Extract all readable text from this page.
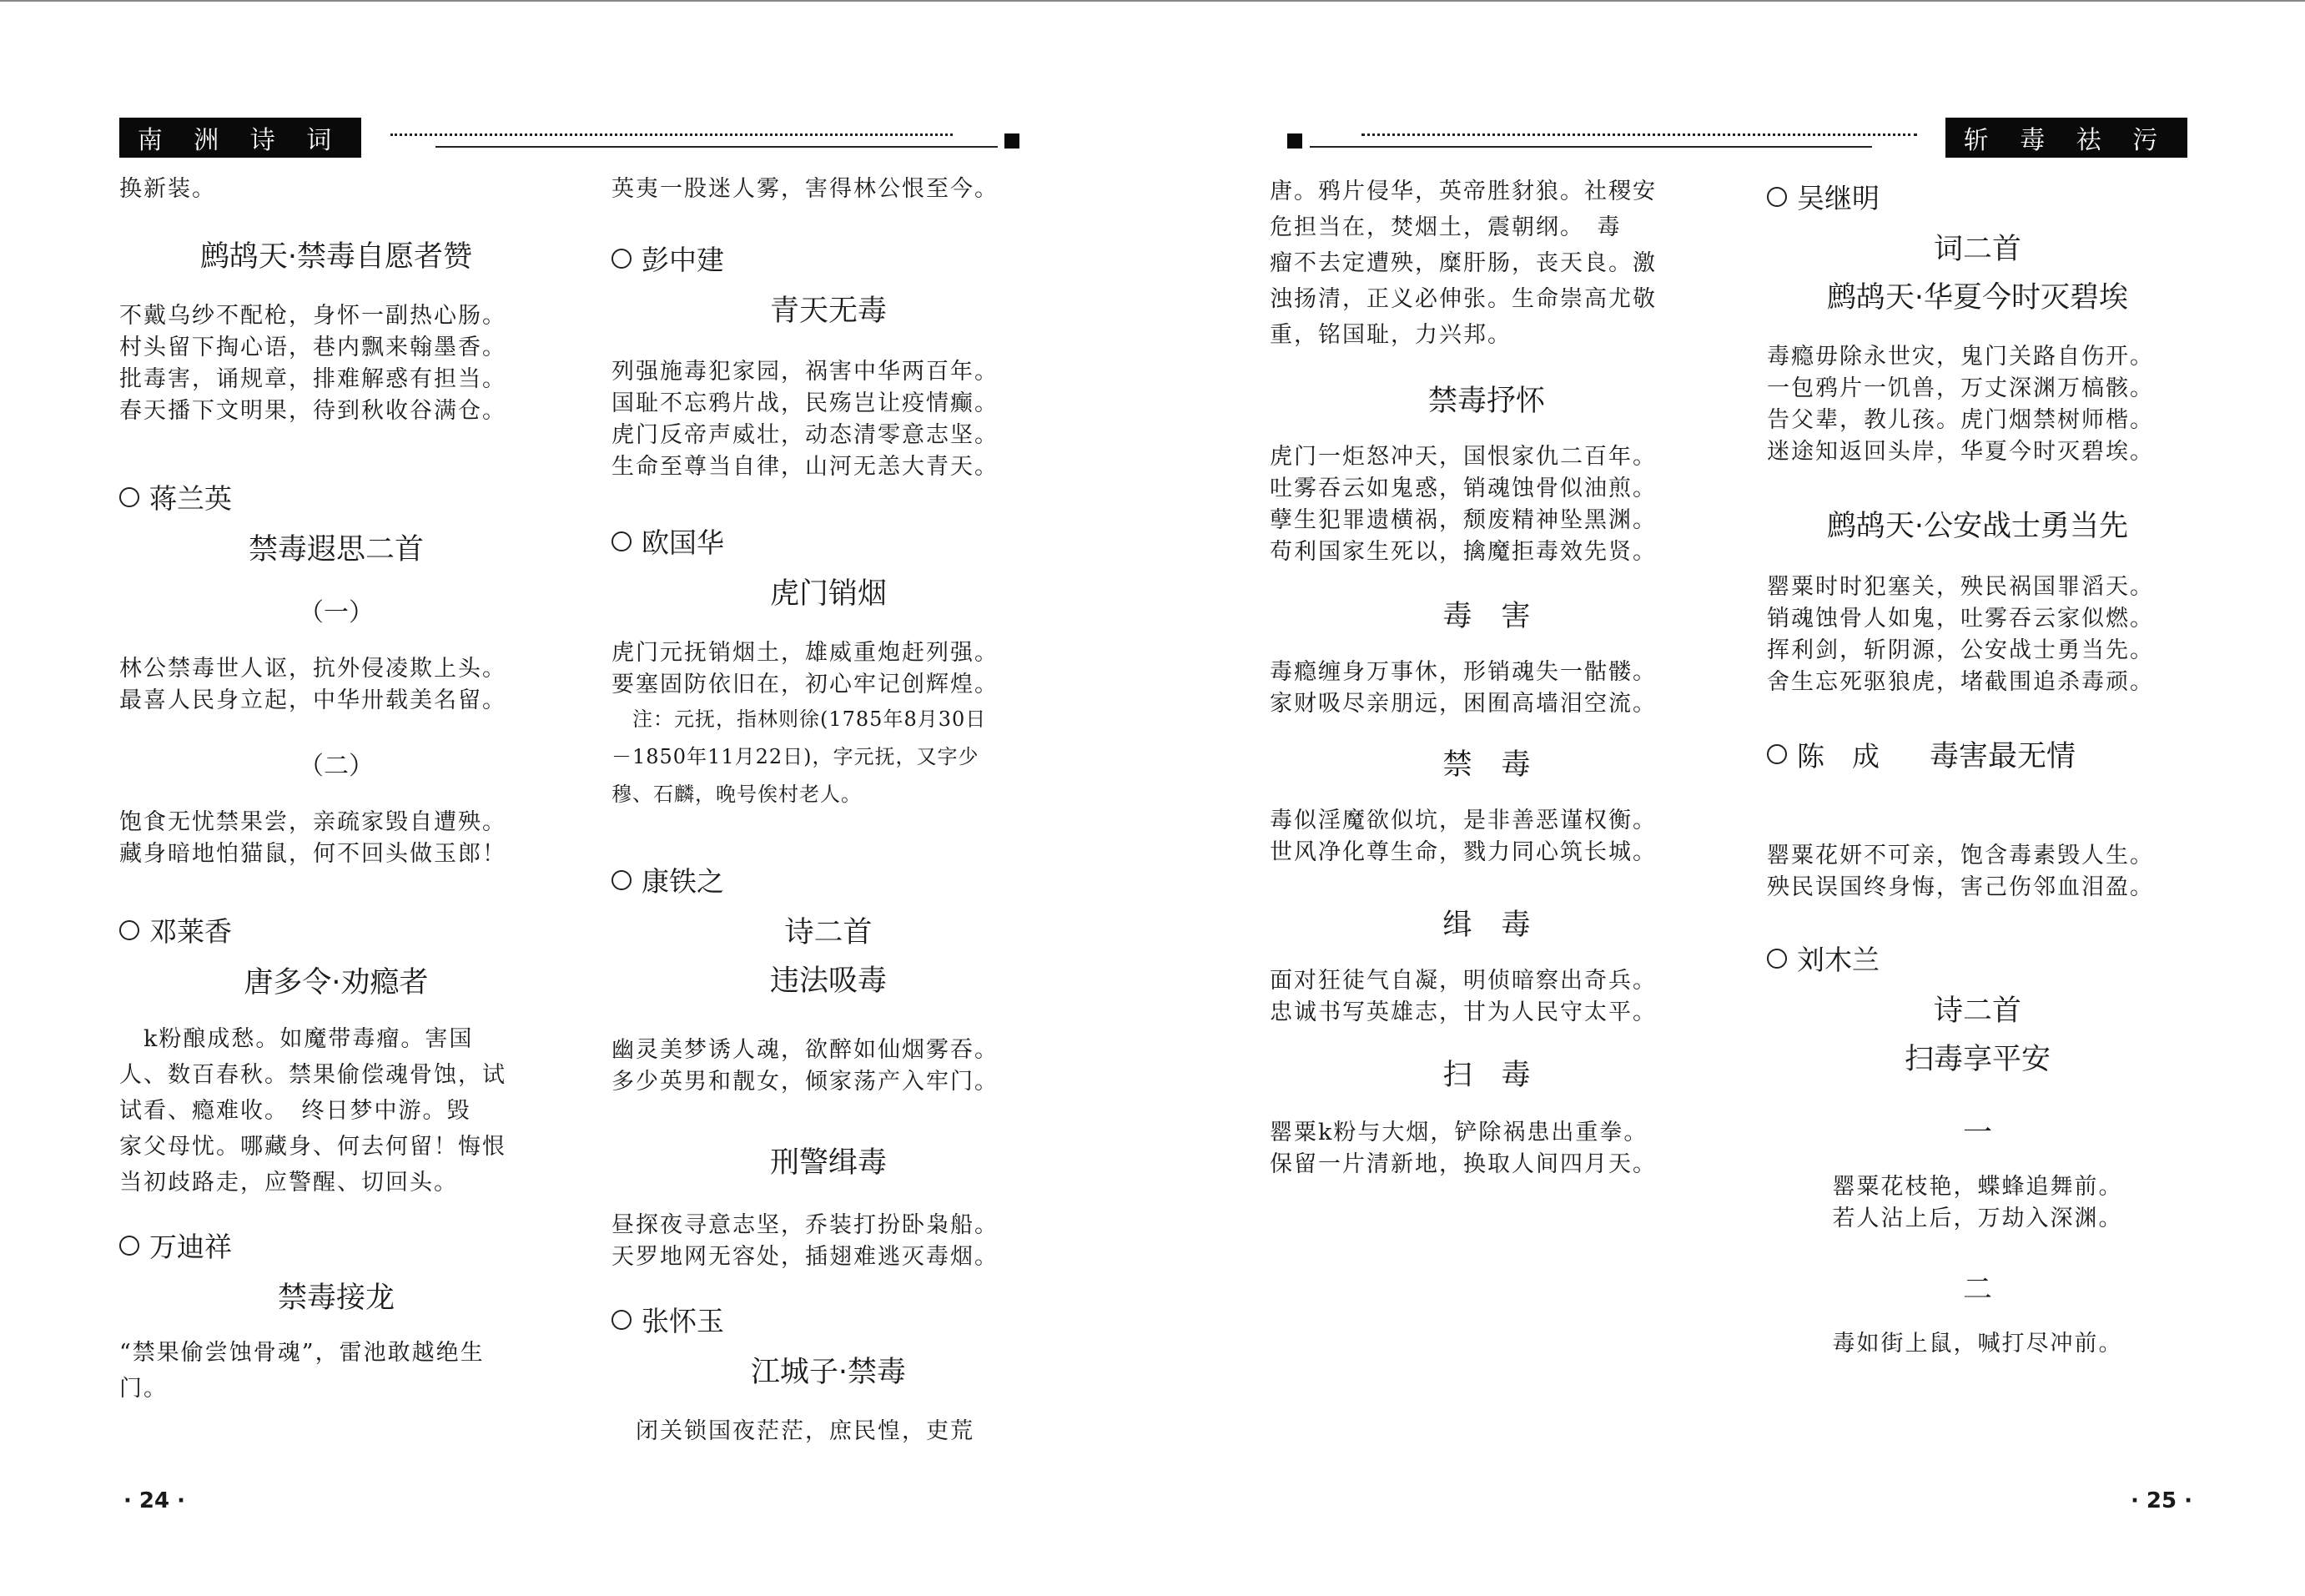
南 洲 诗 词	斩 毒 祛 污
换新装。
鹧鸪天·禁毒自愿者赞
不戴乌纱不配枪，身怀一副热心肠。
村头留下掏心语，巷内飘来翰墨香。
批毒害，诵规章，排难解惑有担当。
春天播下文明果，待到秋收谷满仓。
蒋兰英
禁毒遐思二首
（一）
林公禁毒世人讴，抗外侵凌欺上头。
最喜人民身立起，中华卅载美名留。
（二）
饱食无忧禁果尝，亲疏家毁自遭殃。
藏身暗地怕猫鼠，何不回头做玉郎！
邓莱香
唐多令·劝瘾者
　k粉酿成愁。如魔带毒瘤。害国
人、数百春秋。禁果偷偿魂骨蚀，试
试看、瘾难收。　终日梦中游。毁
家父母忧。哪藏身、何去何留！悔恨
当初歧路走，应警醒、切回头。
万迪祥
禁毒接龙
“禁果偷尝蚀骨魂”，雷池敢越绝生
门。
英夷一股迷人雾，害得林公恨至今。
彭中建
青天无毒
列强施毒犯家园，祸害中华两百年。
国耻不忘鸦片战，民殇岂让疫情癫。
虎门反帝声威壮，动态清零意志坚。
生命至尊当自律，山河无恙大青天。
欧国华
虎门销烟
虎门元抚销烟土，雄威重炮赶列强。
要塞固防依旧在，初心牢记创辉煌。
　注：元抚，指林则徐(1785年8月30日
－1850年11月22日)，字元抚，又字少
穆、石麟，晚号俟村老人。
康铁之
诗二首
违法吸毒
幽灵美梦诱人魂，欲醉如仙烟雾吞。
多少英男和靓女，倾家荡产入牢门。
刑警缉毒
昼探夜寻意志坚，乔装打扮卧枭船。
天罗地网无容处，插翅难逃灭毒烟。
张怀玉
江城子·禁毒
　闭关锁国夜茫茫，庶民惶，吏荒
唐。鸦片侵华，英帝胜豺狼。社稷安
危担当在，焚烟土，震朝纲。　毒
瘤不去定遭殃，糜肝肠，丧天良。激
浊扬清，正义必伸张。生命崇高尤敬
重，铭国耻，力兴邦。
禁毒抒怀
虎门一炬怒冲天，国恨家仇二百年。
吐雾吞云如鬼惑，销魂蚀骨似油煎。
孽生犯罪遗横祸，颓废精神坠黑渊。
苟利国家生死以，擒魔拒毒效先贤。
毒　害
毒瘾缠身万事休，形销魂失一骷髅。
家财吸尽亲朋远，困囿高墙泪空流。
禁　毒
毒似淫魔欲似坑，是非善恶谨权衡。
世风净化尊生命，戮力同心筑长城。
缉　毒
面对狂徒气自凝，明侦暗察出奇兵。
忠诚书写英雄志，甘为人民守太平。
扫　毒
罂粟k粉与大烟，铲除祸患出重拳。
保留一片清新地，换取人间四月天。
吴继明
词二首
鹧鸪天·华夏今时灭碧埃
毒瘾毋除永世灾，鬼门关路自伤开。
一包鸦片一饥兽，万丈深渊万槁骸。
告父辈，教儿孩。虎门烟禁树师楷。
迷途知返回头岸，华夏今时灭碧埃。
鹧鸪天·公安战士勇当先
罂粟时时犯塞关，殃民祸国罪滔天。
销魂蚀骨人如鬼，吐雾吞云家似燃。
挥利剑，斩阴源，公安战士勇当先。
舍生忘死驱狼虎，堵截围追杀毒顽。
陈　成 毒害最无情
罂粟花妍不可亲，饱含毒素毁人生。
殃民误国终身悔，害己伤邻血泪盈。
刘木兰
诗二首
扫毒享平安
一
罂粟花枝艳，蝶蜂追舞前。
若人沾上后，万劫入深渊。
二
毒如街上鼠，喊打尽冲前。
· 24 ·	· 25 ·
